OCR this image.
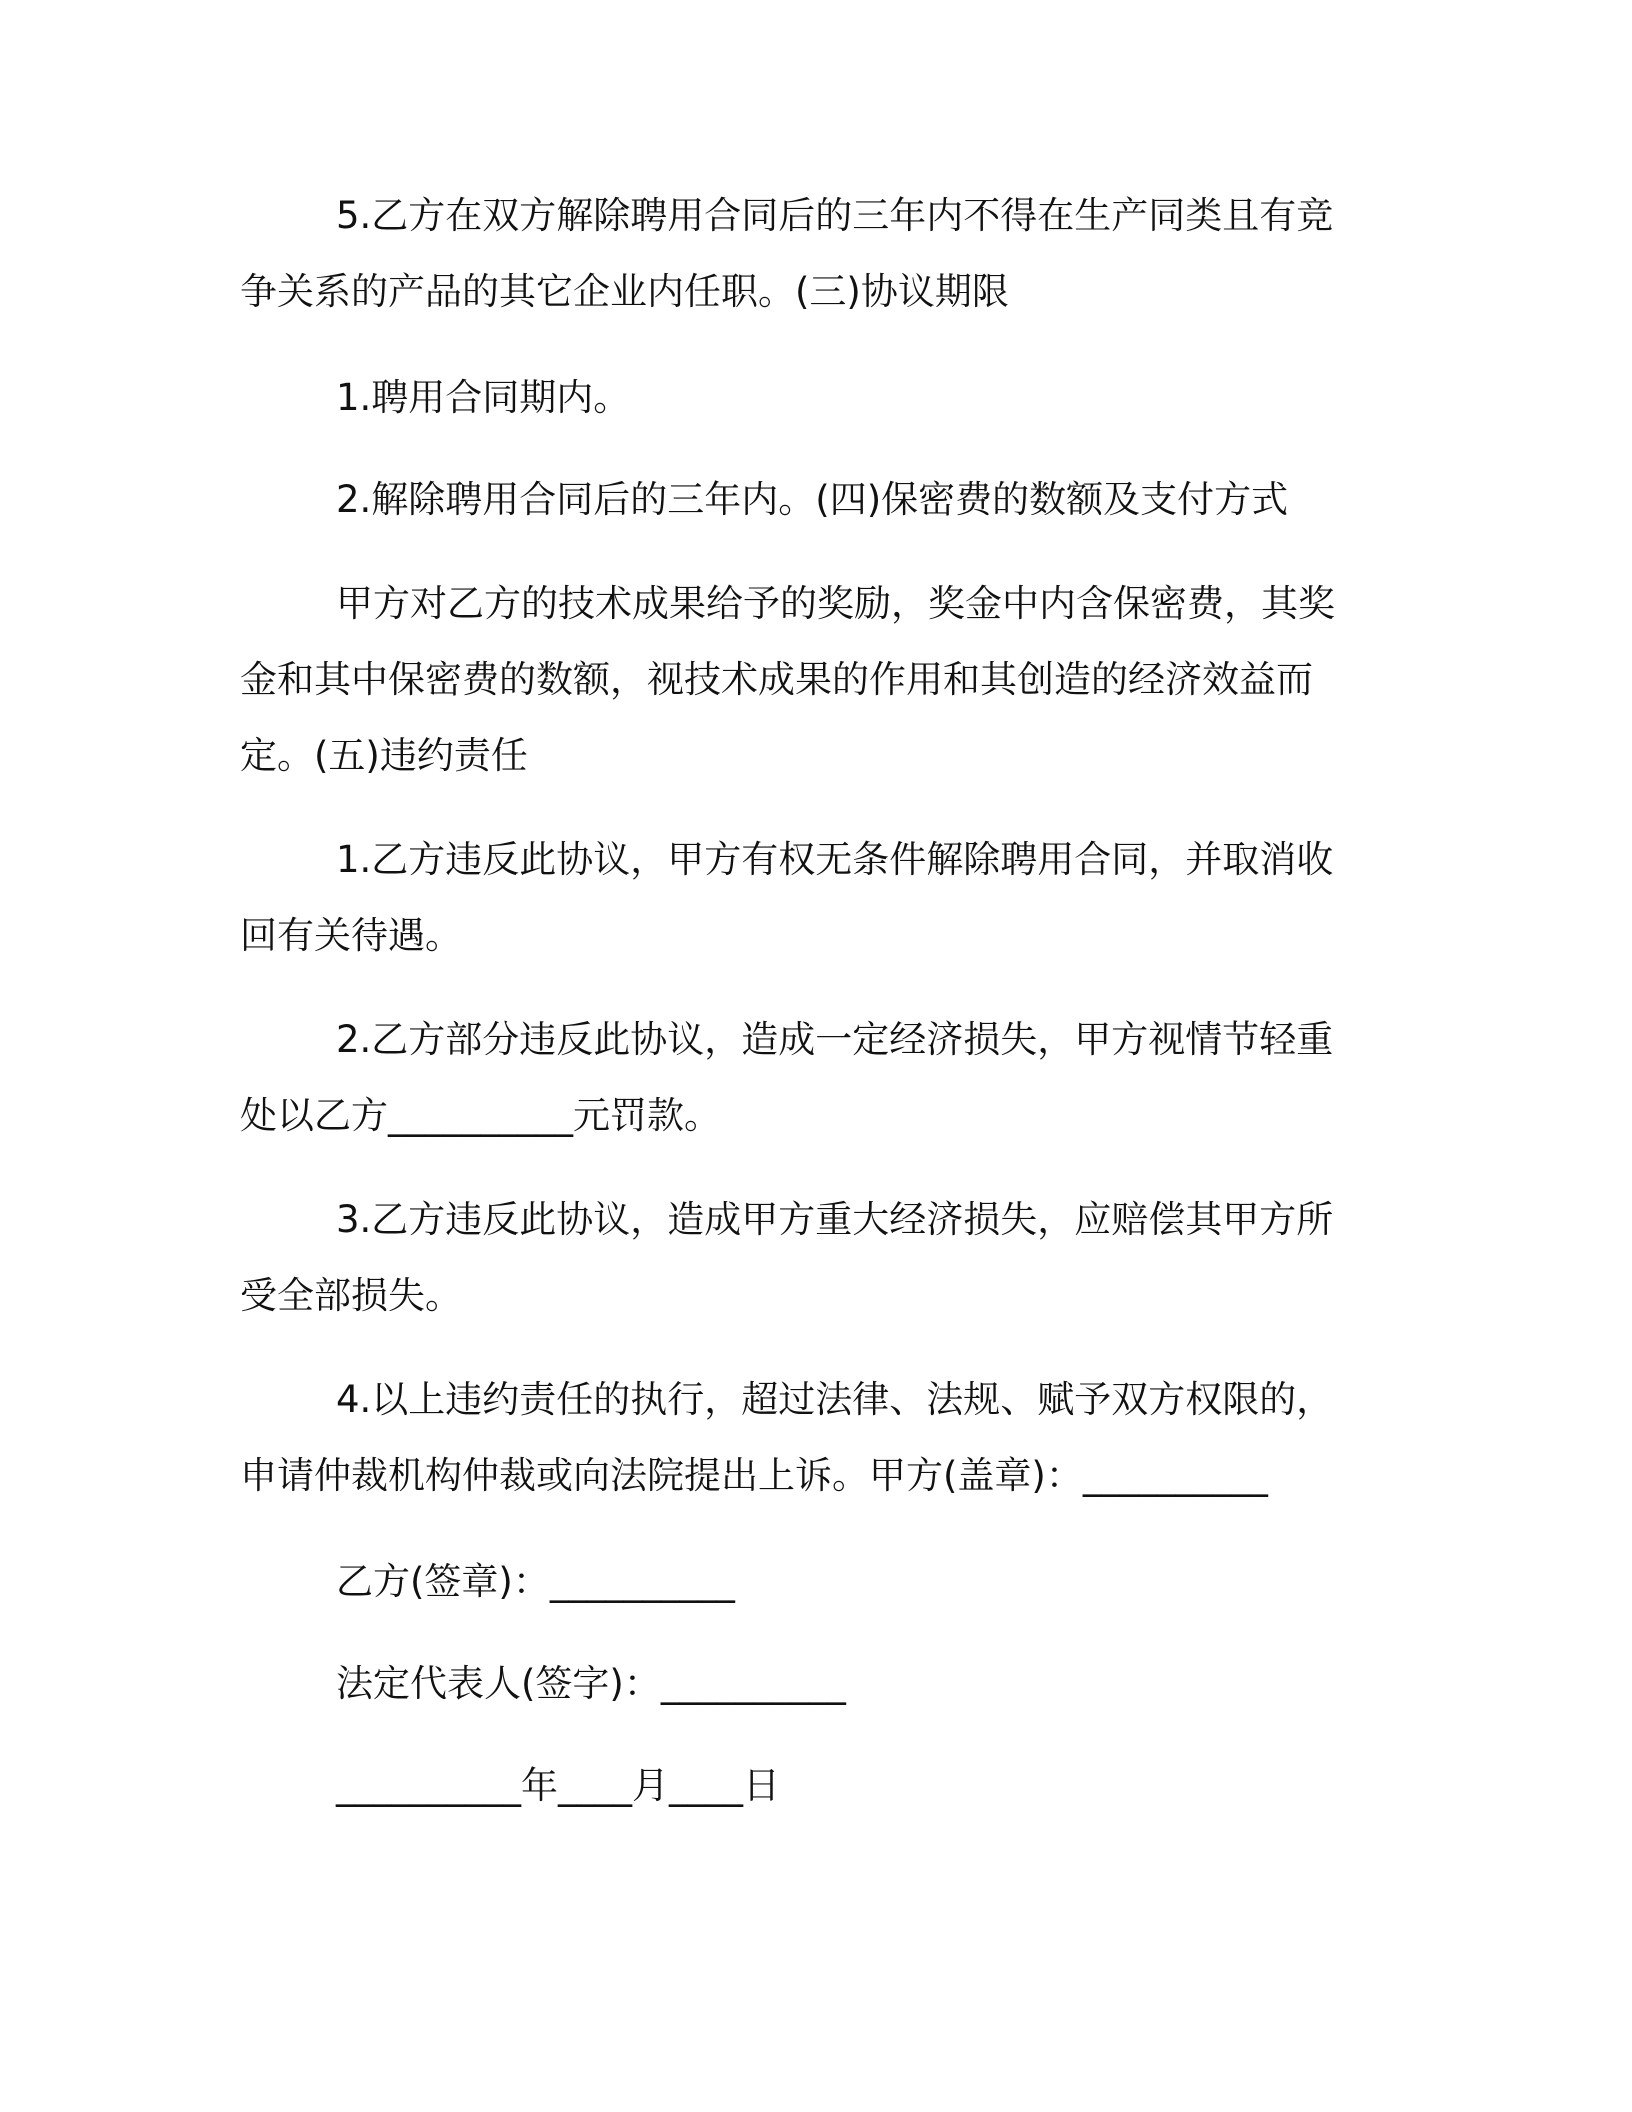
5.乙方在双方解除聘用合同后的三年内不得在生产同类且有竞争关系的产品的其它企业内任职。(三)协议期限
1.聘用合同期内。
2.解除聘用合同后的三年内。(四)保密费的数额及支付方式
甲方对乙方的技术成果给予的奖励，奖金中内含保密费，其奖金和其中保密费的数额，视技术成果的作用和其创造的经济效益而定。(五)违约责任
1.乙方违反此协议，甲方有权无条件解除聘用合同，并取消收回有关待遇。
2.乙方部分违反此协议，造成一定经济损失，甲方视情节轻重处以乙方__________元罚款。
3.乙方违反此协议，造成甲方重大经济损失，应赔偿其甲方所受全部损失。
4.以上违约责任的执行，超过法律、法规、赋予双方权限的，申请仲裁机构仲裁或向法院提出上诉。甲方(盖章)：__________
乙方(签章)：__________
法定代表人(签字)：__________
__________年____月____日
